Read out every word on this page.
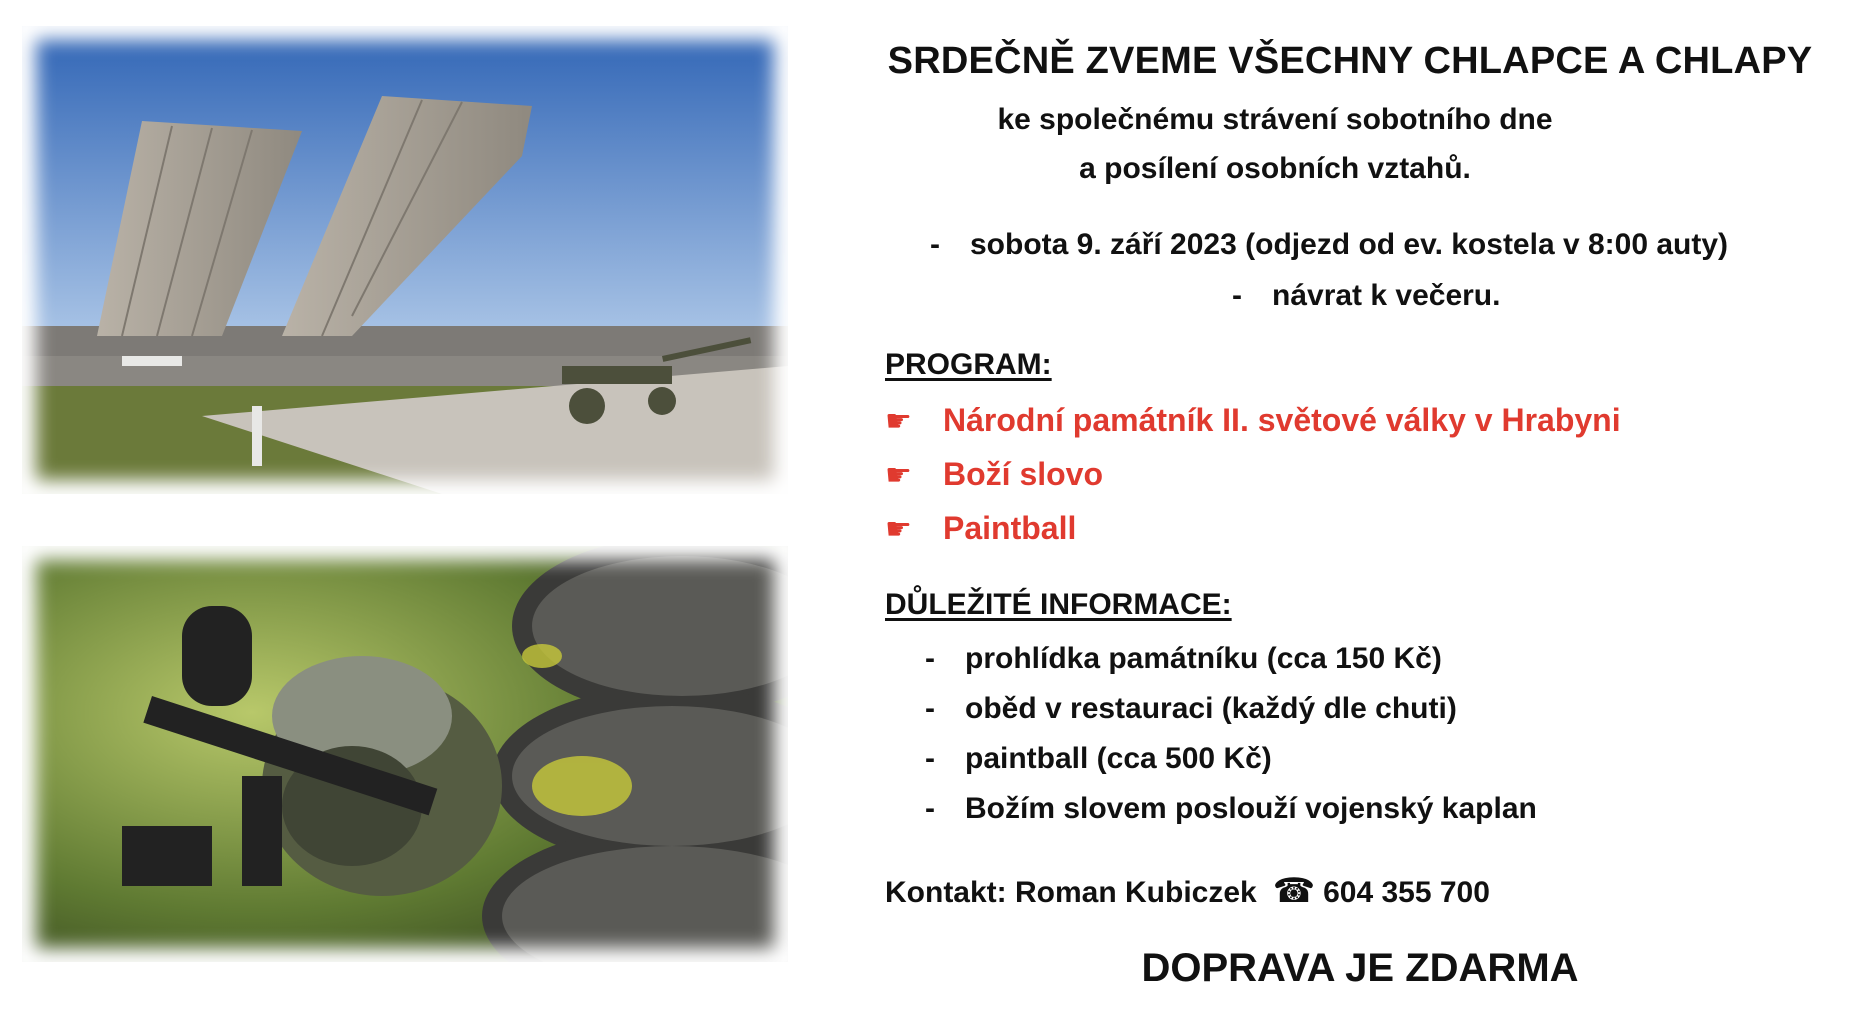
SRDEČNĚ ZVEME VŠECHNY CHLAPCE A CHLAPY
ke společnému strávení sobotního dne
a posílení osobních vztahů.
- sobota 9. září 2023 (odjezd od ev. kostela v 8:00 auty)
- návrat k večeru.
PROGRAM:
☛ Národní památník II. světové války v Hrabyni
☛ Boží slovo
☛ Paintball
DŮLEŽITÉ INFORMACE:
- prohlídka památníku (cca 150 Kč)
- oběd v restauraci (každý dle chuti)
- paintball (cca 500 Kč)
- Božím slovem poslouží vojenský kaplan
Kontakt: Roman Kubiczek ☎ 604 355 700
DOPRAVA JE ZDARMA
